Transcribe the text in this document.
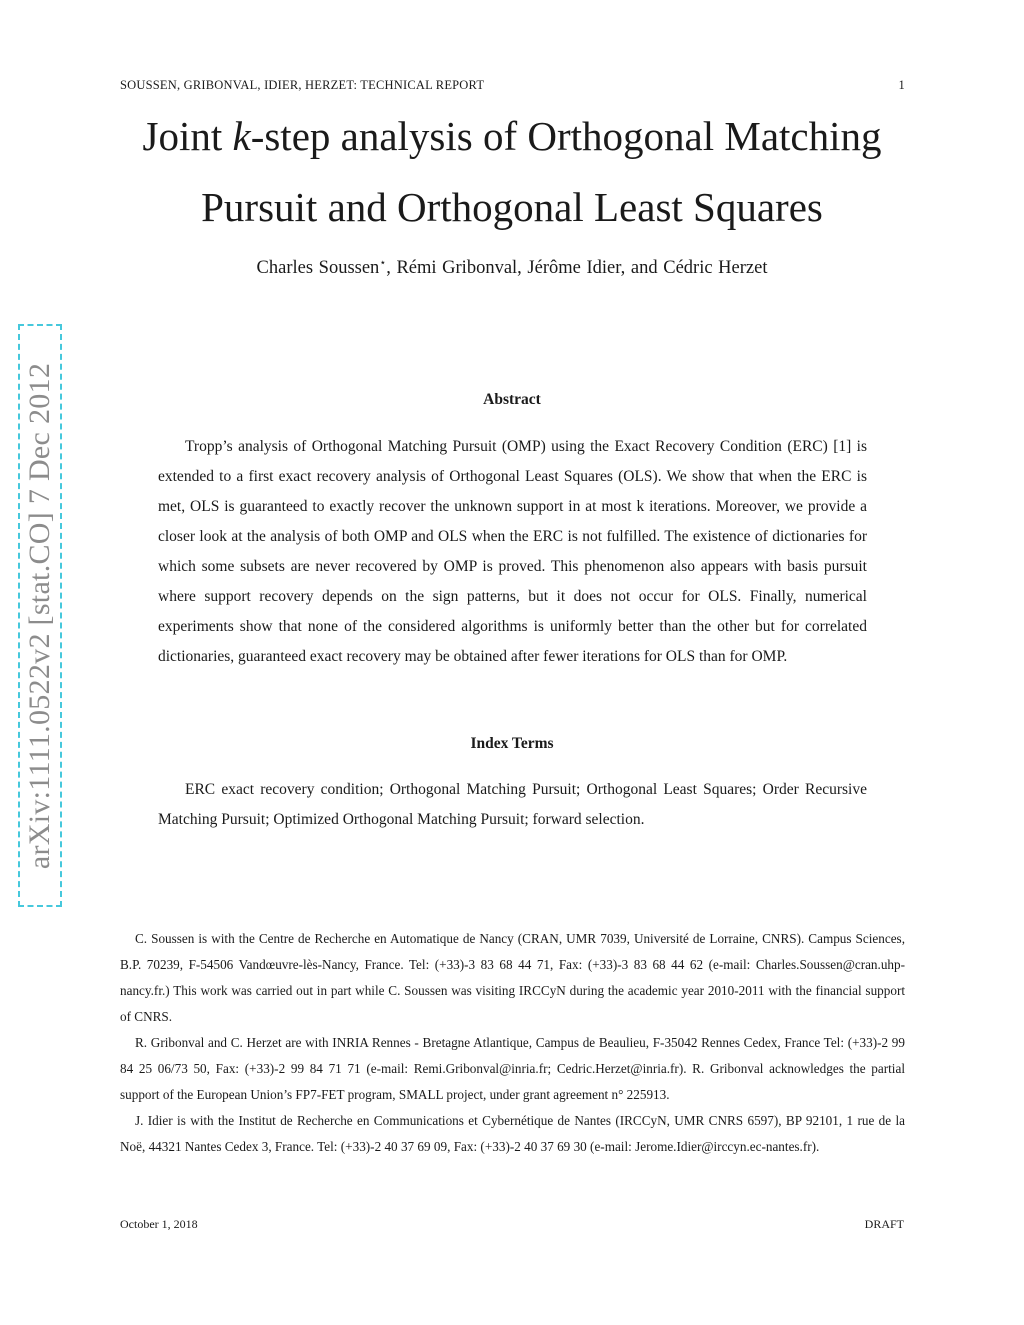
SOUSSEN, GRIBONVAL, IDIER, HERZET: TECHNICAL REPORT	1
Joint k-step analysis of Orthogonal Matching
Pursuit and Orthogonal Least Squares
Charles Soussen⋆, Rémi Gribonval, Jérôme Idier, and Cédric Herzet
arXiv:1111.0522v2 [stat.CO] 7 Dec 2012	Abstract

Tropp’s analysis of Orthogonal Matching Pursuit (OMP) using the Exact Recovery Condition (ERC) [1] is extended to a first exact recovery analysis of Orthogonal Least Squares (OLS). We show that when the ERC is met, OLS is guaranteed to exactly recover the unknown support in at most k iterations. Moreover, we provide a closer look at the analysis of both OMP and OLS when the ERC is not fulfilled. The existence of dictionaries for which some subsets are never recovered by OMP is proved. This phenomenon also appears with basis pursuit where support recovery depends on the sign patterns, but it does not occur for OLS. Finally, numerical experiments show that none of the considered algorithms is uniformly better than the other but for correlated dictionaries, guaranteed exact recovery may be obtained after fewer iterations for OLS than for OMP.

Index Terms

ERC exact recovery condition; Orthogonal Matching Pursuit; Orthogonal Least Squares; Order Recursive Matching Pursuit; Optimized Orthogonal Matching Pursuit; forward selection.

C. Soussen is with the Centre de Recherche en Automatique de Nancy (CRAN, UMR 7039, Université de Lorraine, CNRS). Campus Sciences, B.P. 70239, F-54506 Vandœuvre-lès-Nancy, France. Tel: (+33)-3 83 68 44 71, Fax: (+33)-3 83 68 44 62 (e-mail: Charles.Soussen@cran.uhp-nancy.fr.) This work was carried out in part while C. Soussen was visiting IRCCyN during the academic year 2010-2011 with the financial support of CNRS.

R. Gribonval and C. Herzet are with INRIA Rennes - Bretagne Atlantique, Campus de Beaulieu, F-35042 Rennes Cedex, France Tel: (+33)-2 99 84 25 06/73 50, Fax: (+33)-2 99 84 71 71 (e-mail: Remi.Gribonval@inria.fr; Cedric.Herzet@inria.fr). R. Gribonval acknowledges the partial support of the European Union’s FP7-FET program, SMALL project, under grant agreement n° 225913.

J. Idier is with the Institut de Recherche en Communications et Cybernétique de Nantes (IRCCyN, UMR CNRS 6597), BP 92101, 1 rue de la Noë, 44321 Nantes Cedex 3, France. Tel: (+33)-2 40 37 69 09, Fax: (+33)-2 40 37 69 30 (e-mail: Jerome.Idier@irccyn.ec-nantes.fr).

October 1, 2018	DRAFT
